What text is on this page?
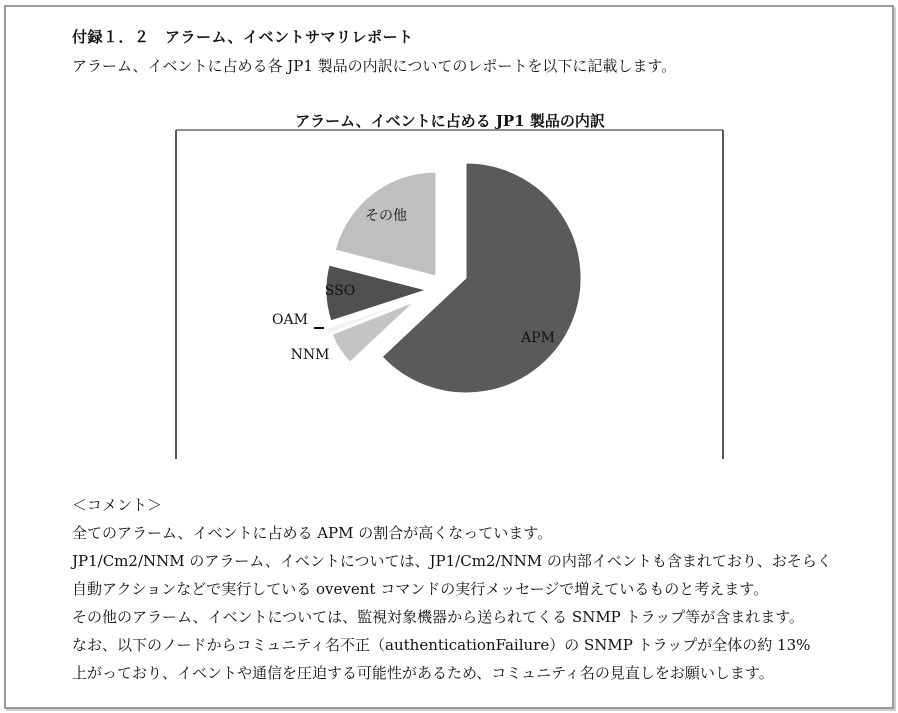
付録１．２　アラーム、イベントサマリレポート
アラーム、イベントに占める各 JP1 製品の内訳についてのレポートを以下に記載します。
アラーム、イベントに占める JP1 製品の内訳
APM
NNM
OAM
SSO
その他
＜コメント＞
全てのアラーム、イベントに占める APM の割合が高くなっています。
JP1/Cm2/NNM のアラーム、イベントについては、JP1/Cm2/NNM の内部イベントも含まれており、おそらく
自動アクションなどで実行している ovevent コマンドの実行メッセージで増えているものと考えます。
その他のアラーム、イベントについては、監視対象機器から送られてくる SNMP トラップ等が含まれます。
なお、以下のノードからコミュニティ名不正（authenticationFailure）の SNMP トラップが全体の約 13%
上がっており、イベントや通信を圧迫する可能性があるため、コミュニティ名の見直しをお願いします。
